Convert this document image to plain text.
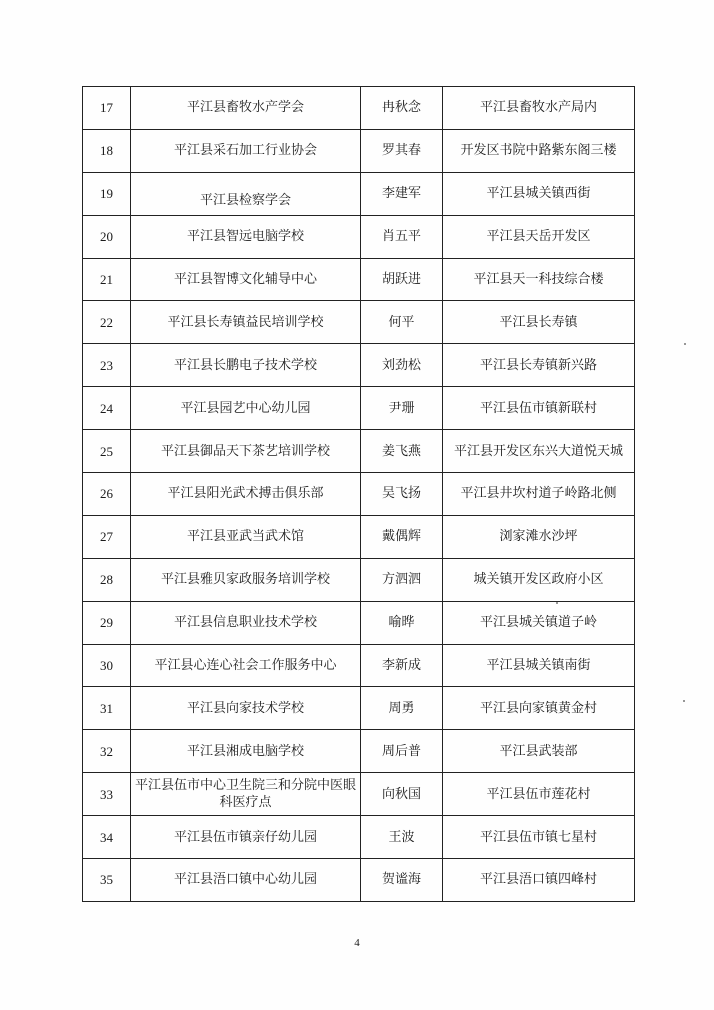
17	平江县畜牧水产学会	冉秋念	平江县畜牧水产局内
18	平江县采石加工行业协会	罗其春	开发区书院中路紫东阁三楼
19	平江县检察学会	李建军	平江县城关镇西街
20	平江县智远电脑学校	肖五平	平江县天岳开发区
21	平江县智博文化辅导中心	胡跃进	平江县天一科技综合楼
22	平江县长寿镇益民培训学校	何平	平江县长寿镇
23	平江县长鹏电子技术学校	刘劲松	平江县长寿镇新兴路
24	平江县园艺中心幼儿园	尹珊	平江县伍市镇新联村
25	平江县御品天下茶艺培训学校	姜飞燕	平江县开发区东兴大道悦天城
26	平江县阳光武术搏击俱乐部	吴飞扬	平江县井坎村道子岭路北侧
27	平江县亚武当武术馆	戴偶辉	浏家滩水沙坪
28	平江县雅贝家政服务培训学校	方泗泗	城关镇开发区政府小区
29	平江县信息职业技术学校	喻晔	平江县城关镇道子岭
30	平江县心连心社会工作服务中心	李新成	平江县城关镇南街
31	平江县向家技术学校	周勇	平江县向家镇黄金村
32	平江县湘成电脑学校	周后普	平江县武装部
33	平江县伍市中心卫生院三和分院中医眼科医疗点	向秋国	平江县伍市莲花村
34	平江县伍市镇亲仔幼儿园	王波	平江县伍市镇七星村
35	平江县浯口镇中心幼儿园	贺谧海	平江县浯口镇四峰村
4
